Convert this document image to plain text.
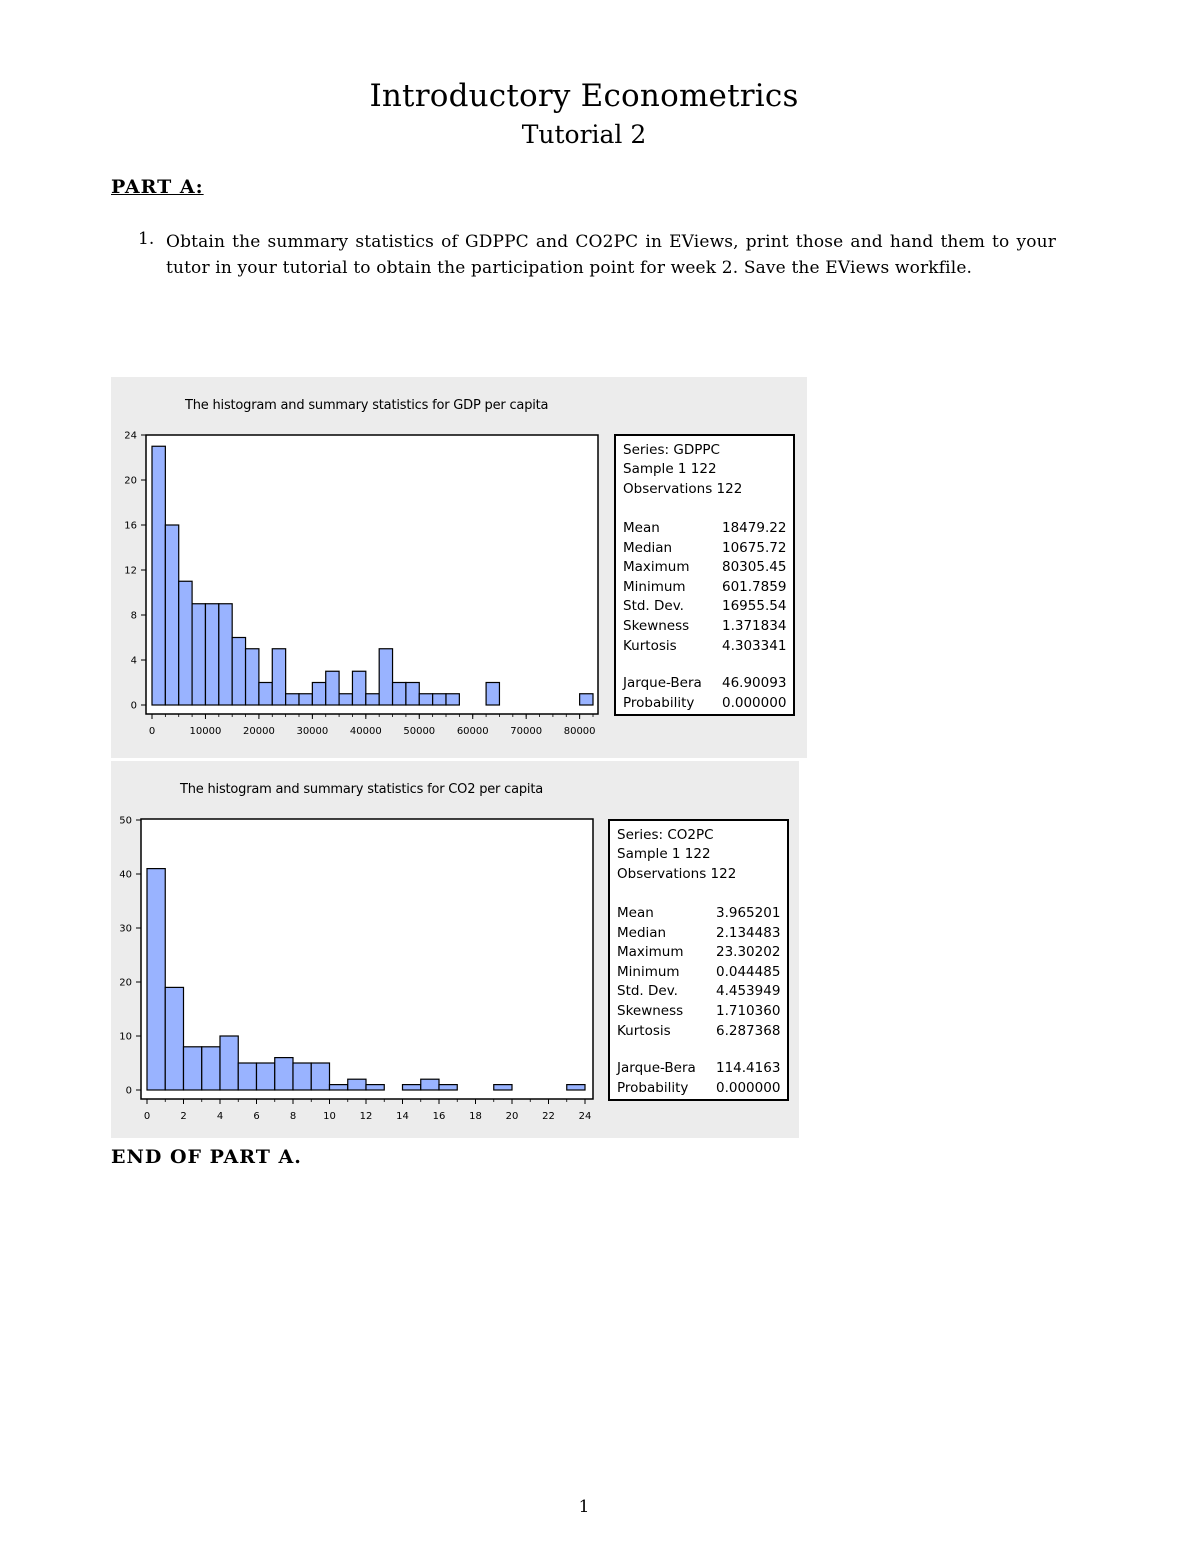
Introductory Econometrics
Tutorial 2
PART A:
1. Obtain the summary statistics of GDPPC and CO2PC in EViews, print those and hand them to your tutor in your tutorial to obtain the participation point for week 2. Save the EViews workfile.
The histogram and summary statistics for GDP per capita
0
4
8
12
16
20
24
0	10000 20000 30000 40000 50000 60000 70000 80000
Series: GDPPC
Sample 1 122
Observations 122
Mean	18479.22
Median	10675.72
Maximum 80305.45
Minimum	601.7859
Std. Dev.	16955.54
Skewness 1.371834
Kurtosis	4.303341
Jarque-Bera 46.90093
Probability 0.000000
The histogram and summary statistics for CO2 per capita
0
10
20
30
40
50
0	2	4	6	8	10 12 14 16 18 20 22 24
Series: CO2PC
Sample 1 122
Observations 122
Mean	3.965201
Median	2.134483
Maximum 23.30202
Minimum	0.044485
Std. Dev.	4.453949
Skewness 1.710360
Kurtosis	6.287368
Jarque-Bera 114.4163
Probability 0.000000
END OF PART A.
1
